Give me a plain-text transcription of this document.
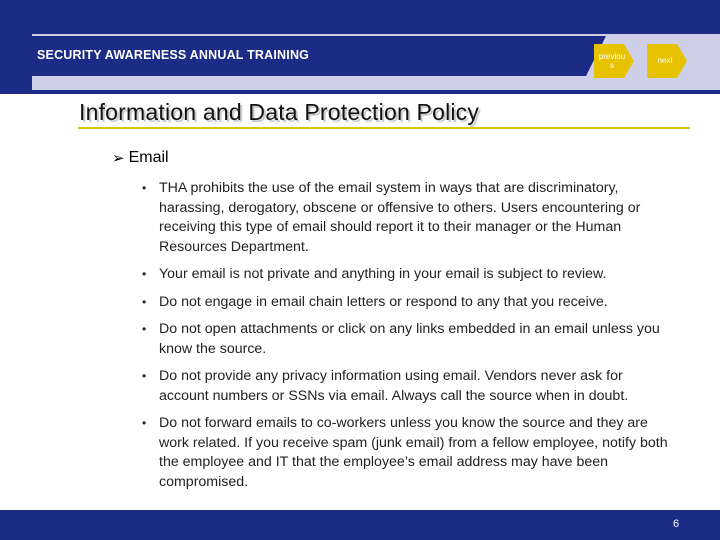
SECURITY AWARENESS ANNUAL TRAINING	previou
s
next
Information and Data Protection Policy
➢ Email
• THA prohibits the use of the email system in ways that are discriminatory, harassing, derogatory, obscene or offensive to others. Users encountering or receiving this type of email should report it to their manager or the Human Resources Department.
• Your email is not private and anything in your email is subject to review.
• Do not engage in email chain letters or respond to any that you receive.
• Do not open attachments or click on any links embedded in an email unless you know the source.
• Do not provide any privacy information using email. Vendors never ask for account numbers or SSNs via email. Always call the source when in doubt.
• Do not forward emails to co-workers unless you know the source and they are work related. If you receive spam (junk email) from a fellow employee, notify both the employee and IT that the employee’s email address may have been compromised.
6
